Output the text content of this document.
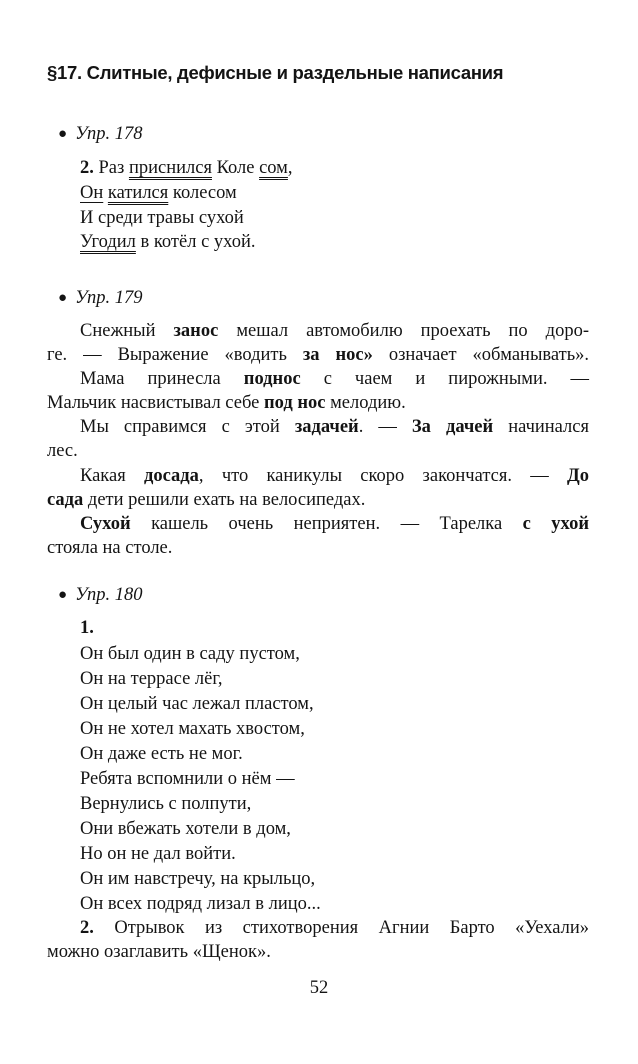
§17. Слитные, дефисные и раздельные написания
● Упр. 178
2. Раз приснился Коле сом,
Он катился колесом
И среди травы сухой
Угодил в котёл с ухой.
● Упр. 179
Снежный занос мешал автомобилю проехать по доро-
ге. — Выражение «водить за нос» означает «обманывать».
Мама принесла поднос с чаем и пирожными. —
Мальчик насвистывал себе под нос мелодию.
Мы справимся с этой задачей. — За дачей начинался
лес.
Какая досада, что каникулы скоро закончатся. — До
сада дети решили ехать на велосипедах.
Сухой кашель очень неприятен. — Тарелка с ухой
стояла на столе.
● Упр. 180
1.
Он был один в саду пустом,
Он на террасе лёг,
Он целый час лежал пластом,
Он не хотел махать хвостом,
Он даже есть не мог.
Ребята вспомнили о нём —
Вернулись с полпути,
Они вбежать хотели в дом,
Но он не дал войти.
Он им навстречу, на крыльцо,
Он всех подряд лизал в лицо...
2. Отрывок из стихотворения Агнии Барто «Уехали»
можно озаглавить «Щенок».
52
